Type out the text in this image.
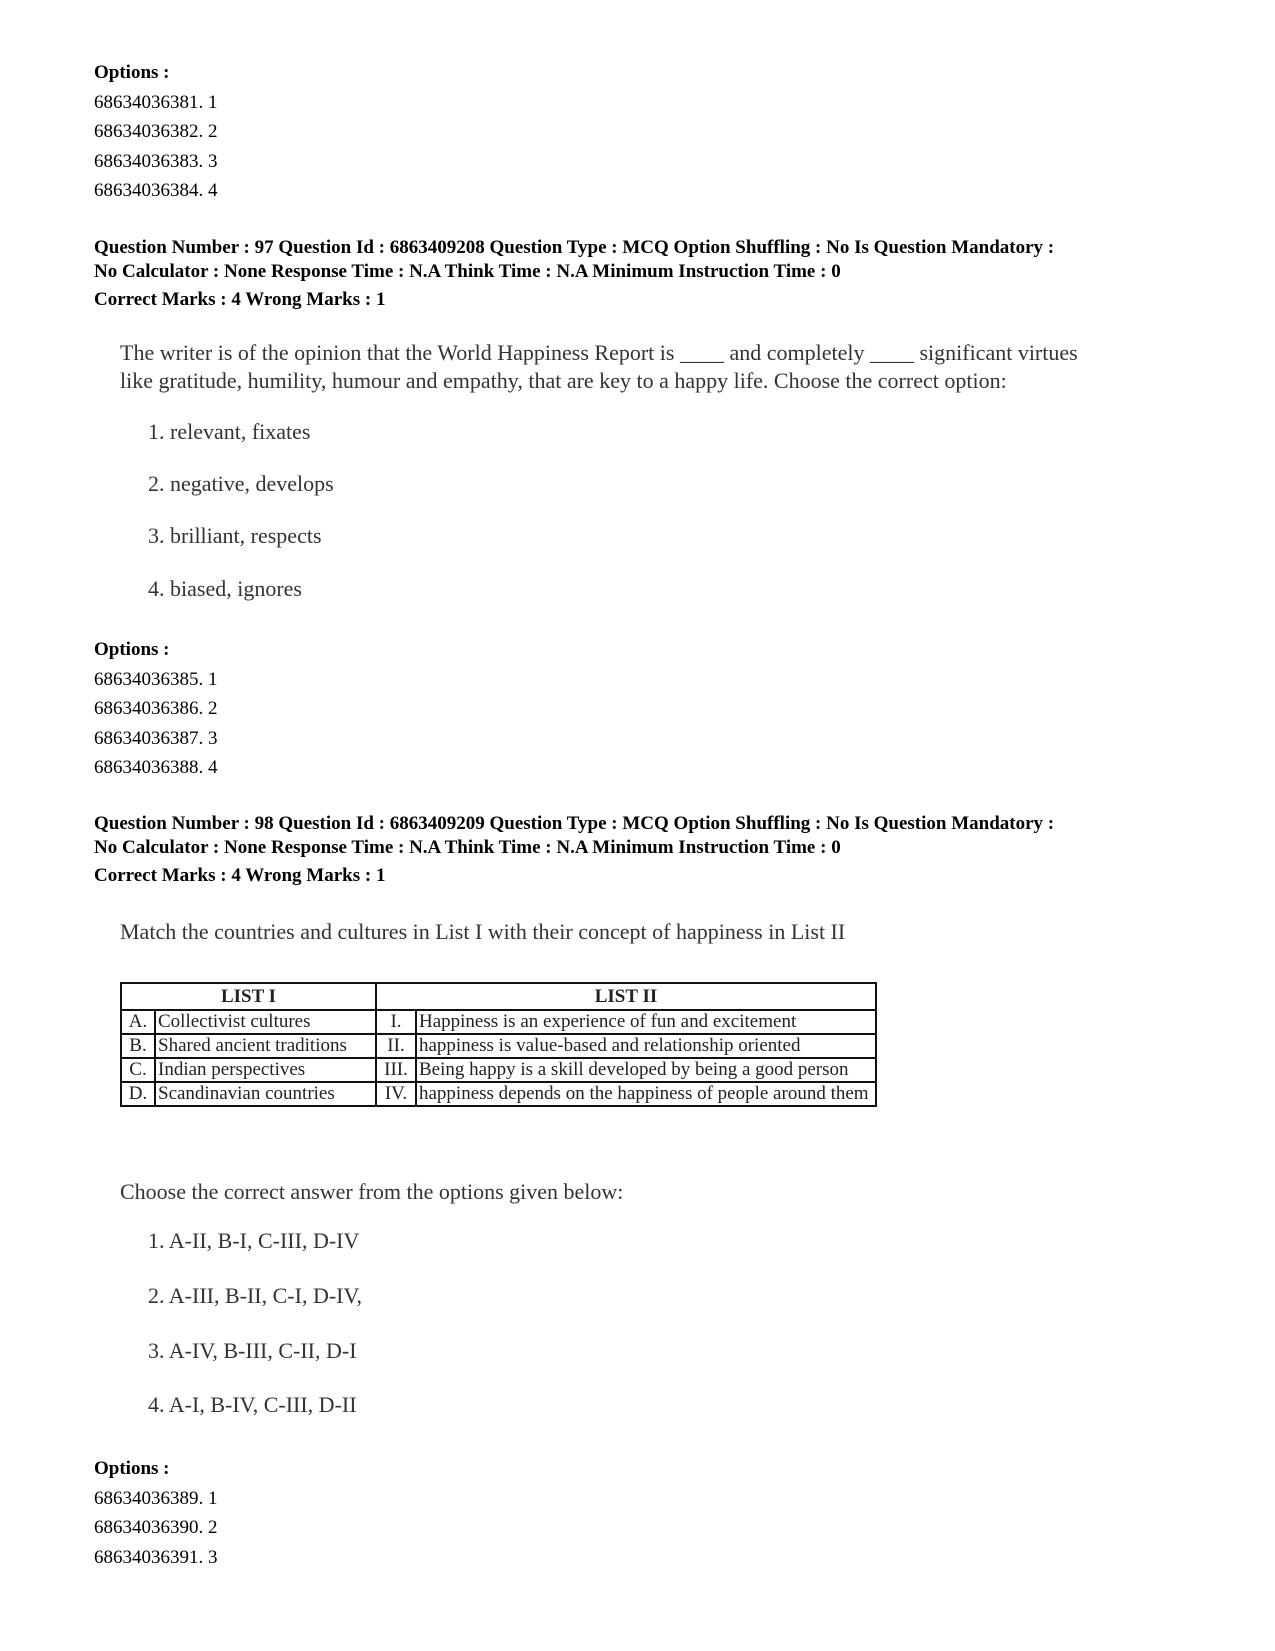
Options :
68634036381. 1
68634036382. 2
68634036383. 3
68634036384. 4
Question Number : 97 Question Id : 6863409208 Question Type : MCQ Option Shuffling : No Is Question Mandatory :
No Calculator : None Response Time : N.A Think Time : N.A Minimum Instruction Time : 0
Correct Marks : 4 Wrong Marks : 1
The writer is of the opinion that the World Happiness Report is ____ and completely ____ significant virtues
like gratitude, humility, humour and empathy, that are key to a happy life. Choose the correct option:
1. relevant, fixates
2. negative, develops
3. brilliant, respects
4. biased, ignores
Options :
68634036385. 1
68634036386. 2
68634036387. 3
68634036388. 4
Question Number : 98 Question Id : 6863409209 Question Type : MCQ Option Shuffling : No Is Question Mandatory :
No Calculator : None Response Time : N.A Think Time : N.A Minimum Instruction Time : 0
Correct Marks : 4 Wrong Marks : 1
Match the countries and cultures in List I with their concept of happiness in List II
LIST I		LIST II	
A.	Collectivist cultures	I.	Happiness is an experience of fun and excitement
B.	Shared ancient traditions	II.	happiness is value-based and relationship oriented
C.	Indian perspectives	III.	Being happy is a skill developed by being a good person
D.	Scandinavian countries	IV.	happiness depends on the happiness of people around them
Choose the correct answer from the options given below:
1. A-II, B-I, C-III, D-IV
2. A-III, B-II, C-I, D-IV,
3. A-IV, B-III, C-II, D-I
4. A-I, B-IV, C-III, D-II
Options :
68634036389. 1
68634036390. 2
68634036391. 3
